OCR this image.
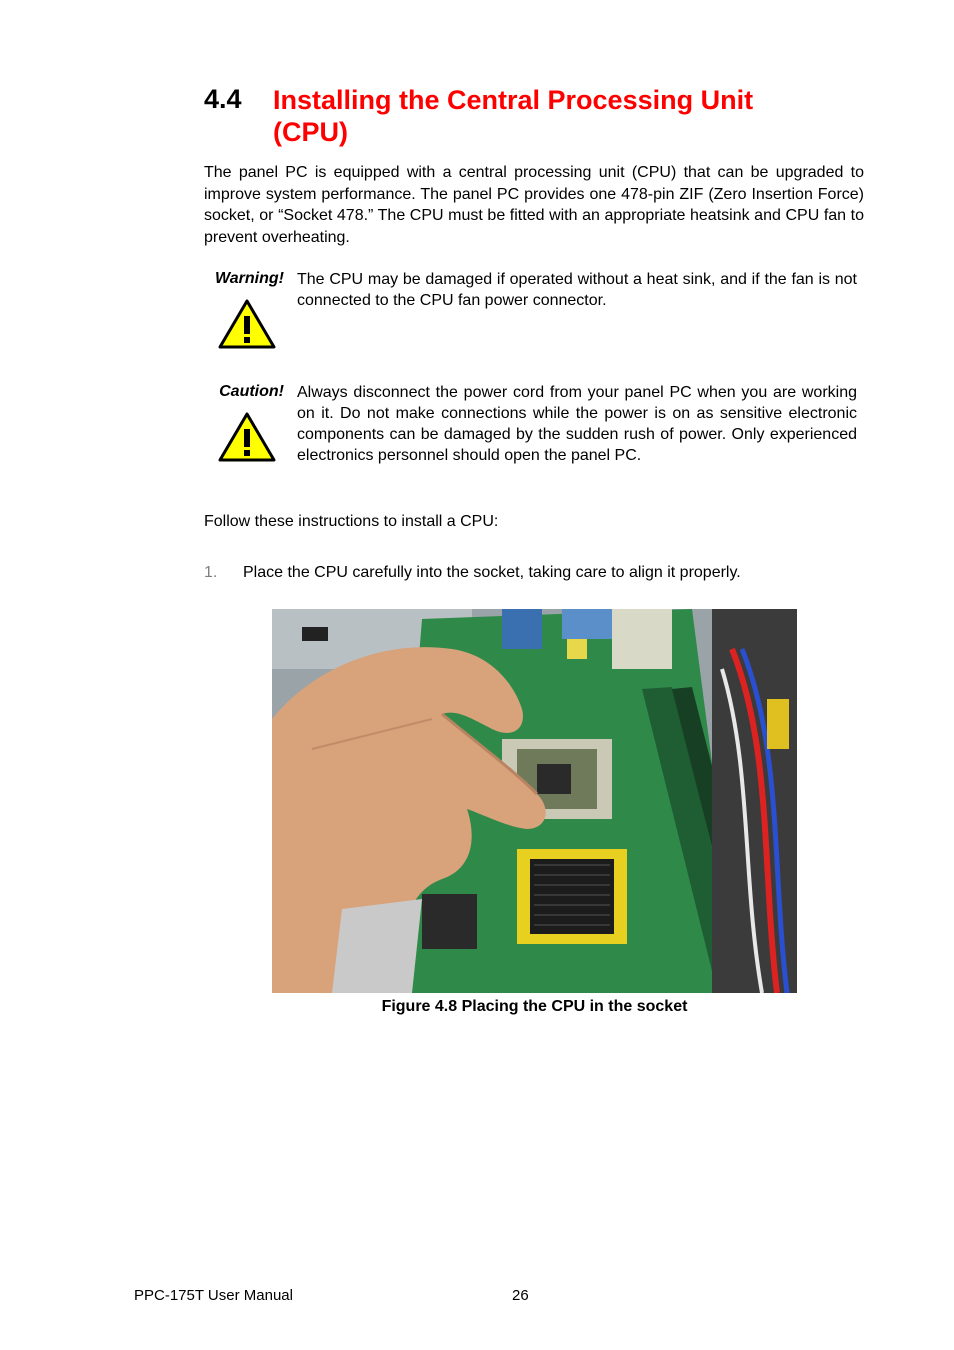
4.4 Installing the Central Processing Unit (CPU)
The panel PC is equipped with a central processing unit (CPU) that can be upgraded to improve system performance. The panel PC provides one 478-pin ZIF (Zero Insertion Force) socket, or “Socket 478.” The CPU must be fitted with an appropriate heatsink and CPU fan to prevent overheating.
Warning! The CPU may be damaged if operated without a heat sink, and if the fan is not connected to the CPU fan power connector.
Caution! Always disconnect the power cord from your panel PC when you are working on it. Do not make connections while the power is on as sensitive electronic components can be damaged by the sudden rush of power. Only experienced electronics personnel should open the panel PC.
Follow these instructions to install a CPU:
1. Place the CPU carefully into the socket, taking care to align it properly.
Figure 4.8 Placing the CPU in the socket
PPC-175T User Manual	26
